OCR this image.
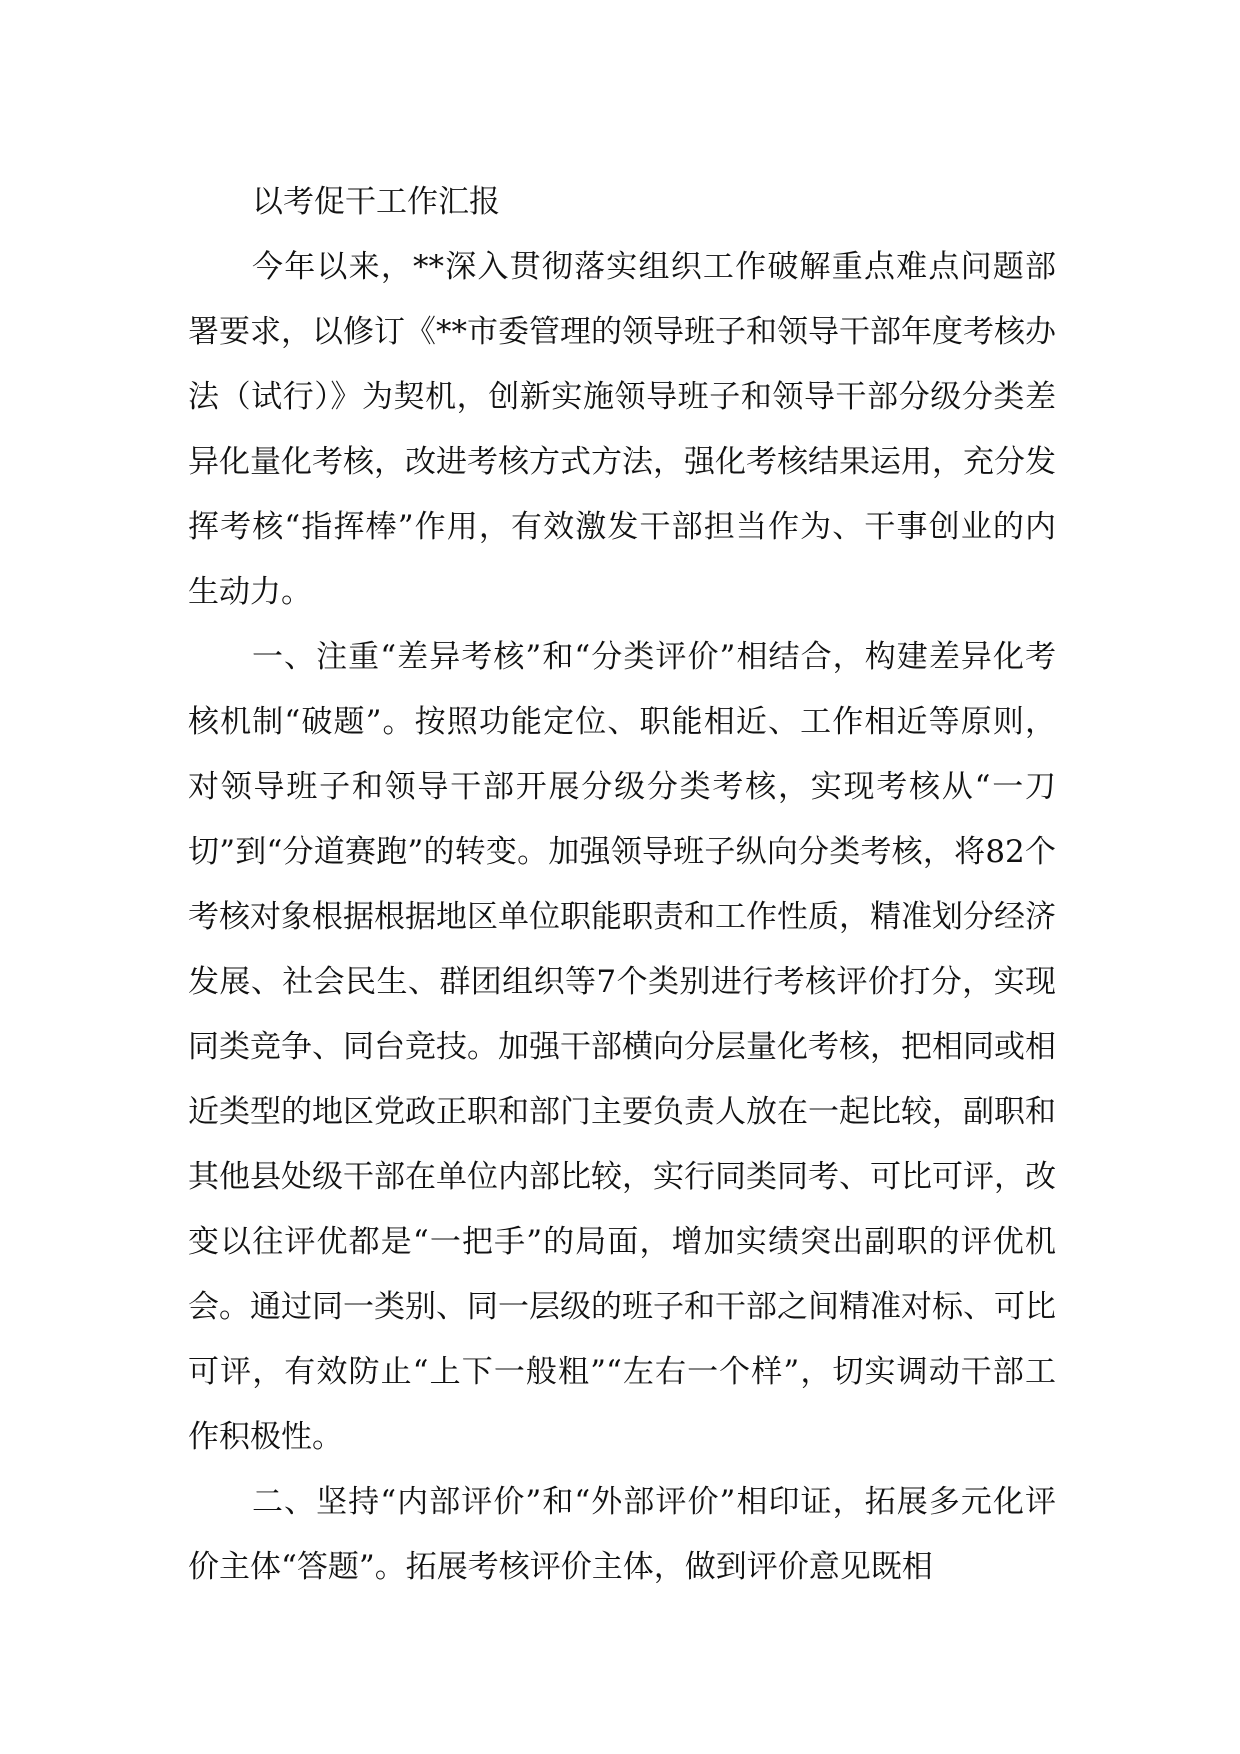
以考促干工作汇报

今年以来，**深入贯彻落实组织工作破解重点难点问题部署要求，以修订《**市委管理的领导班子和领导干部年度考核办法（试行）》为契机，创新实施领导班子和领导干部分级分类差异化量化考核，改进考核方式方法，强化考核结果运用，充分发挥考核“指挥棒”作用，有效激发干部担当作为、干事创业的内生动力。

一、注重“差异考核”和“分类评价”相结合，构建差异化考核机制“破题”。按照功能定位、职能相近、工作相近等原则，对领导班子和领导干部开展分级分类考核，实现考核从“一刀切”到“分道赛跑”的转变。加强领导班子纵向分类考核，将82个考核对象根据根据地区单位职能职责和工作性质，精准划分经济发展、社会民生、群团组织等7个类别进行考核评价打分，实现同类竞争、同台竞技。加强干部横向分层量化考核，把相同或相近类型的地区党政正职和部门主要负责人放在一起比较，副职和其他县处级干部在单位内部比较，实行同类同考、可比可评，改变以往评优都是“一把手”的局面，增加实绩突出副职的评优机会。通过同一类别、同一层级的班子和干部之间精准对标、可比可评，有效防止“上下一般粗”“左右一个样”，切实调动干部工作积极性。

二、坚持“内部评价”和“外部评价”相印证，拓展多元化评价主体“答题”。拓展考核评价主体，做到评价意见既相
